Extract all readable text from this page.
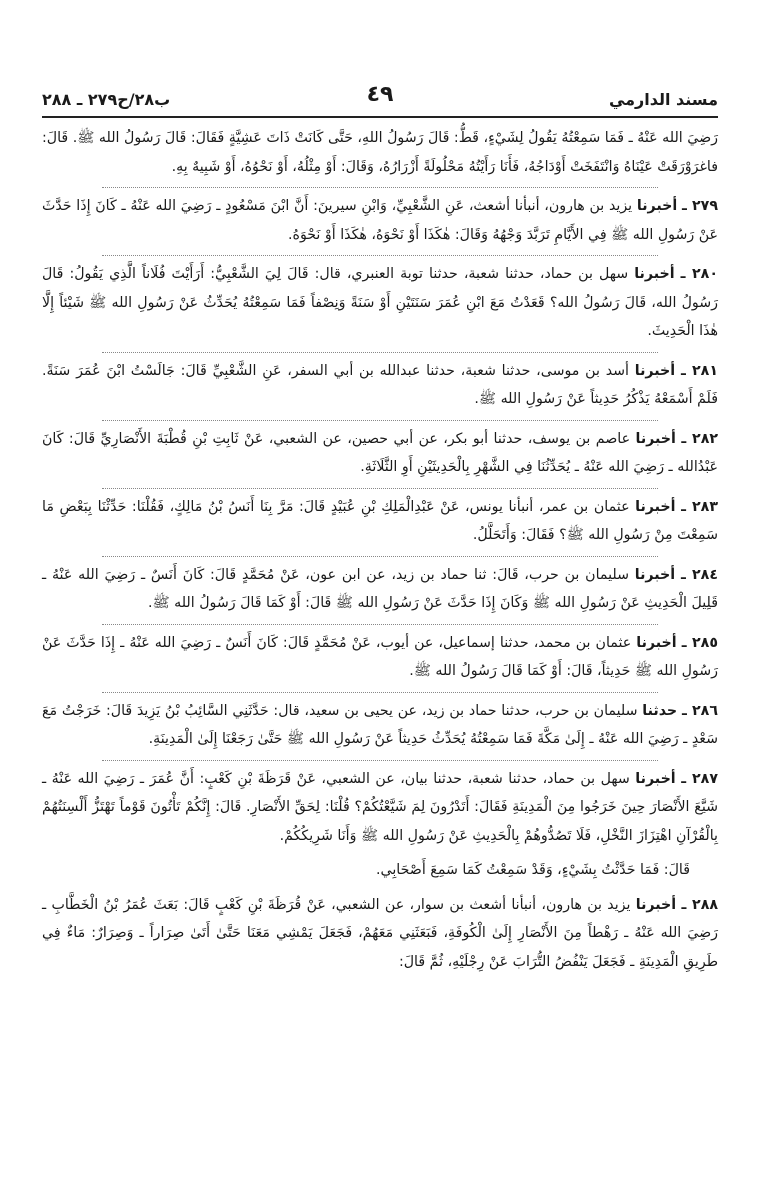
مسند الدارمي
٤٩
ب٢٨/ح٢٧٩ ـ ٢٨٨

رَضِيَ الله عَنْهُ ـ فَمَا سَمِعْتُهُ يَقُولُ لِشَيْءٍ، قَطُّ: قَالَ رَسُولُ اللهِ، حَتَّى كَانَتْ ذَاتَ عَشِيَّةٍ فَقَالَ: قَالَ رَسُولُ الله ﷺ. قَالَ: فاغرَوْرَقَتْ عَيْنَاهُ وَانْتَفَخَتْ أَوْدَاجُهُ، فَأَنَا رَأَيْتُهُ مَحْلُولَةً أَزْرَارُهُ، وَقَالَ: أَوْ مِثْلُهُ، أَوْ نَحْوُهُ، أَوْ شَبِيهٌ بِهِ.

٢٧٩ ـ أخبرنا يزيد بن هارون، أنبأنا أشعث، عَنِ الشَّعْبِيِّ، وَابْنِ سيرينَ: أَنَّ ابْنَ مَسْعُودٍ ـ رَضِيَ الله عَنْهُ ـ كَانَ إِذَا حَدَّثَ عَنْ رَسُولِ الله ﷺ فِي الأَيَّامِ تَرَبَّدَ وَجْهُهُ وَقَالَ: هٰكَذَا أَوْ نَحْوَهُ، هٰكَذَا أَوْ نَحْوَهُ.

٢٨٠ ـ أخبرنا سهل بن حماد، حدثنا شعبة، حدثنا توبة العنبري، قال: قَالَ لِيَ الشَّعْبِيُّ: أَرَأَيْتَ فُلَاناً الَّذِي يَقُولُ: قَالَ رَسُولُ الله، قَالَ رَسُولُ الله؟ قَعَدْتُ مَعَ ابْنِ عُمَرَ سَنَتَيْنِ أَوْ سَنَةً وَنِصْفاً فَمَا سَمِعْتُهُ يُحَدِّثُ عَنْ رَسُولِ الله ﷺ شَيْئاً إِلَّا هٰذَا الْحَدِيثَ.

٢٨١ ـ أخبرنا أسد بن موسى، حدثنا شعبة، حدثنا عبدالله بن أبي السفر، عَنِ الشَّعْبِيِّ قَالَ: جَالَسْتُ ابْنَ عُمَرَ سَنَةً. فَلَمْ أَسْمَعْهُ يَذْكُرُ حَدِيثاً عَنْ رَسُولِ الله ﷺ.

٢٨٢ ـ أخبرنا عاصم بن يوسف، حدثنا أبو بكر، عن أبي حصين، عن الشعبي، عَنْ ثَابِتِ بْنِ قُطْبَةَ الأَنْصَارِيِّ قَالَ: كَانَ عَبْدُالله ـ رَضِيَ الله عَنْهُ ـ يُحَدِّثُنَا فِي الشَّهْرِ بِالْحَدِيثَيْنِ أَوِ الثَّلَاثَةِ.

٢٨٣ ـ أخبرنا عثمان بن عمر، أنبأنا يونس، عَنْ عَبْدِالْمَلِكِ بْنِ عُبَيْدٍ قَالَ: مَرَّ بِنَا أَنَسُ بْنُ مَالِكٍ، فَقُلْنَا: حَدِّثْنَا بِبَعْضِ مَا سَمِعْتَ مِنْ رَسُولِ الله ﷺ؟ فَقَالَ: وَأَتَحَلَّلُ.

٢٨٤ ـ أخبرنا سليمان بن حرب، قَالَ: ثنا حماد بن زيد، عن ابن عون، عَنْ مُحَمَّدٍ قَالَ: كَانَ أَنَسٌ ـ رَضِيَ الله عَنْهُ ـ قَلِيلَ الْحَدِيثِ عَنْ رَسُولِ الله ﷺ وَكَانَ إِذَا حَدَّثَ عَنْ رَسُولِ الله ﷺ قَالَ: أَوْ كَمَا قَالَ رَسُولُ الله ﷺ.

٢٨٥ ـ أخبرنا عثمان بن محمد، حدثنا إسماعيل، عن أيوب، عَنْ مُحَمَّدٍ قَالَ: كَانَ أَنَسٌ ـ رَضِيَ الله عَنْهُ ـ إِذَا حَدَّثَ عَنْ رَسُولِ الله ﷺ حَدِيثاً، قَالَ: أَوْ كَمَا قَالَ رَسُولُ الله ﷺ.

٢٨٦ ـ حدثنا سليمان بن حرب، حدثنا حماد بن زيد، عن يحيى بن سعيد، قال: حَدَّثَنِي السَّائِبُ بْنُ يَزِيدَ قَالَ: خَرَجْتُ مَعَ سَعْدٍ ـ رَضِيَ الله عَنْهُ ـ إِلَىٰ مَكَّةَ فَمَا سَمِعْتُهُ يُحَدِّثُ حَدِيثاً عَنْ رَسُولِ الله ﷺ حَتَّىٰ رَجَعْنَا إِلَىٰ الْمَدِينَةِ.

٢٨٧ ـ أخبرنا سهل بن حماد، حدثنا شعبة، حدثنا بيان، عن الشعبي، عَنْ قَرَظَةَ بْنِ كَعْبٍ: أَنَّ عُمَرَ ـ رَضِيَ الله عَنْهُ ـ شَيَّعَ الأَنْصَارَ حِينَ خَرَجُوا مِنَ الْمَدِينَةِ فَقَالَ: أَتَدْرُونَ لِمَ شَيَّعْتُكُمْ؟ قُلْنَا: لِحَقِّ الأَنْصَارِ. قَالَ: إِنَّكُمْ تَأْتُونَ قَوْماً تَهْتَزُّ أَلْسِنَتُهُمْ بِالْقُرْآنِ اهْتِزَازَ النَّخْلِ، فَلَا تَصُدُّوهُمْ بِالْحَدِيثِ عَنْ رَسُولِ الله ﷺ وَأَنَا شَرِيكُكُمْ.

قَالَ: فَمَا حَدَّثْتُ بِشَيْءٍ، وَقَدْ سَمِعْتُ كَمَا سَمِعَ أَصْحَابِي.

٢٨٨ ـ أخبرنا يزيد بن هارون، أنبأنا أشعث بن سوار، عن الشعبي، عَنْ قُرَظَةَ بْنِ كَعْبٍ قَالَ: بَعَثَ عُمَرُ بْنُ الْخَطَّابِ ـ رَضِيَ الله عَنْهُ ـ رَهْطاً مِنَ الأَنْصَارِ إِلَىٰ الْكُوفَةِ، فَبَعَثَنِي مَعَهُمْ، فَجَعَلَ يَمْشِي مَعَنَا حَتَّىٰ أَتَىٰ صِرَاراً ـ وَصِرَارٌ: مَاءٌ فِي طَرِيقِ الْمَدِينَةِ ـ فَجَعَلَ يَنْفُضُ التُّرَابَ عَنْ رِجْلَيْهِ، ثُمَّ قَالَ:
